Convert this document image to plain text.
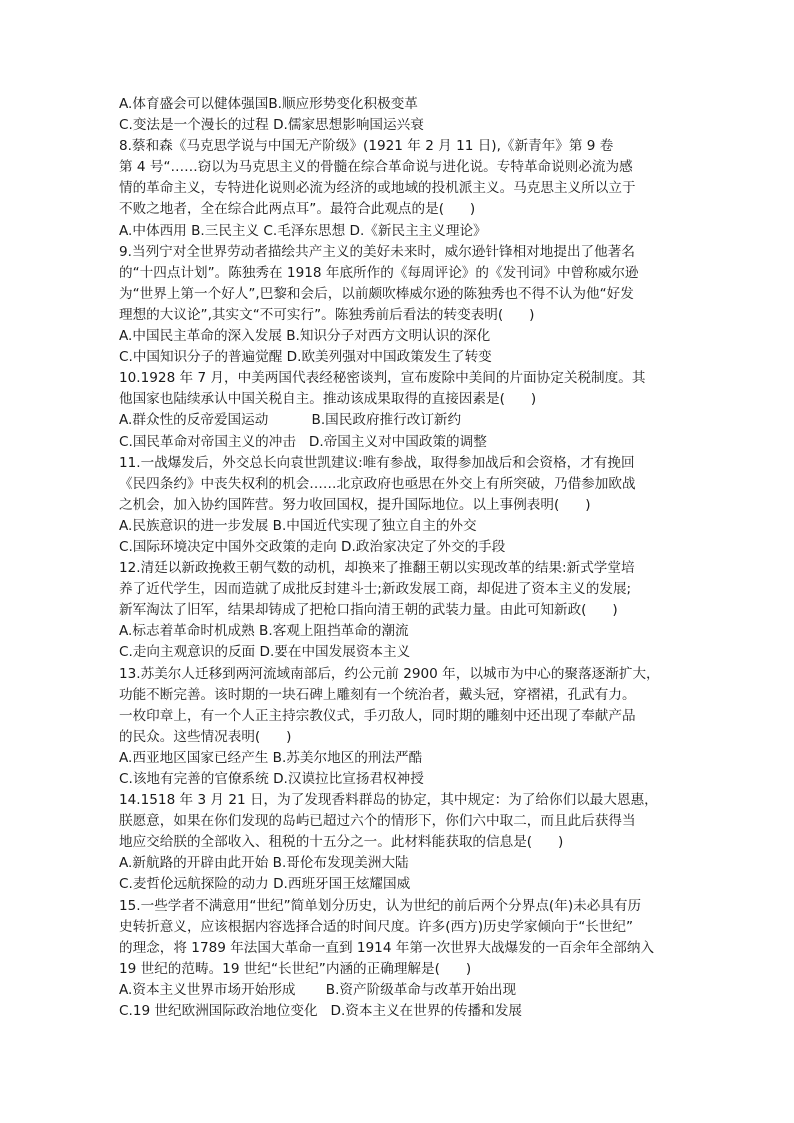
A.体育盛会可以健体强国B.顺应形势变化积极变革
C.变法是一个漫长的过程 D.儒家思想影响国运兴衰
8.蔡和森《马克思学说与中国无产阶级》(1921 年 2 月 11 日),《新青年》第 9 卷
第 4 号“……窃以为马克思主义的骨髓在综合革命说与进化说。专特革命说则必流为感
情的革命主义，专特进化说则必流为经济的或地域的投机派主义。马克思主义所以立于
不败之地者，全在综合此两点耳”。最符合此观点的是(      )
A.中体西用 B.三民主义 C.毛泽东思想 D.《新民主主义理论》
9.当列宁对全世界劳动者描绘共产主义的美好未来时，威尔逊针锋相对地提出了他著名
的“十四点计划”。陈独秀在 1918 年底所作的《每周评论》的《发刊词》中曾称威尔逊
为“世界上第一个好人”,巴黎和会后，以前颇吹棒威尔逊的陈独秀也不得不认为他“好发
理想的大议论”,其实文“不可实行”。陈独秀前后看法的转变表明(      )
A.中国民主革命的深入发展 B.知识分子对西方文明认识的深化
C.中国知识分子的普遍觉醒 D.欧美列强对中国政策发生了转变
10.1928 年 7 月，中美两国代表经秘密谈判，宣布废除中美间的片面协定关税制度。其
他国家也陆续承认中国关税自主。推动该成果取得的直接因素是(      )
A.群众性的反帝爱国运动          B.国民政府推行改订新约
C.国民革命对帝国主义的冲击   D.帝国主义对中国政策的调整
11.一战爆发后，外交总长向袁世凯建议:唯有参战，取得参加战后和会资格，才有挽回
《民四条约》中丧失权利的机会……北京政府也亟思在外交上有所突破，乃借参加欧战
之机会，加入协约国阵营。努力收回国权，提升国际地位。以上事例表明(      )
A.民族意识的进一步发展 B.中国近代实现了独立自主的外交
C.国际环境决定中国外交政策的走向 D.政治家决定了外交的手段
12.清廷以新政挽救王朝气数的动机，却换来了推翻王朝以实现改革的结果:新式学堂培
养了近代学生，因而造就了成批反封建斗士;新政发展工商，却促进了资本主义的发展;
新军淘汰了旧军，结果却铸成了把枪口指向清王朝的武装力量。由此可知新政(      )
A.标志着革命时机成熟 B.客观上阻挡革命的潮流
C.走向主观意识的反面 D.要在中国发展资本主义
13.苏美尔人迁移到两河流域南部后，约公元前 2900 年，以城市为中心的聚落逐渐扩大，
功能不断完善。该时期的一块石碑上雕刻有一个统治者，戴头冠，穿褶裙，孔武有力。
一枚印章上，有一个人正主持宗教仪式，手刃敌人，同时期的雕刻中还出现了奉献产品
的民众。这些情况表明(      )
A.西亚地区国家已经产生 B.苏美尔地区的刑法严酷
C.该地有完善的官僚系统 D.汉谟拉比宣扬君权神授
14.1518 年 3 月 21 日，为了发现香料群岛的协定，其中规定：为了给你们以最大恩惠，
朕愿意，如果在你们发现的岛屿已超过六个的情形下，你们六中取二，而且此后获得当
地应交给朕的全部收入、租税的十五分之一。此材料能获取的信息是(      )
A.新航路的开辟由此开始 B.哥伦布发现美洲大陆
C.麦哲伦远航探险的动力 D.西班牙国王炫耀国威
15.一些学者不满意用“世纪”简单划分历史，认为世纪的前后两个分界点(年)未必具有历
史转折意义，应该根据内容选择合适的时间尺度。许多(西方)历史学家倾向于“长世纪”
的理念，将 1789 年法国大革命一直到 1914 年第一次世界大战爆发的一百余年全部纳入
19 世纪的范畴。19 世纪“长世纪”内涵的正确理解是(      )
A.资本主义世界市场开始形成       B.资产阶级革命与改革开始出现
C.19 世纪欧洲国际政治地位变化   D.资本主义在世界的传播和发展
